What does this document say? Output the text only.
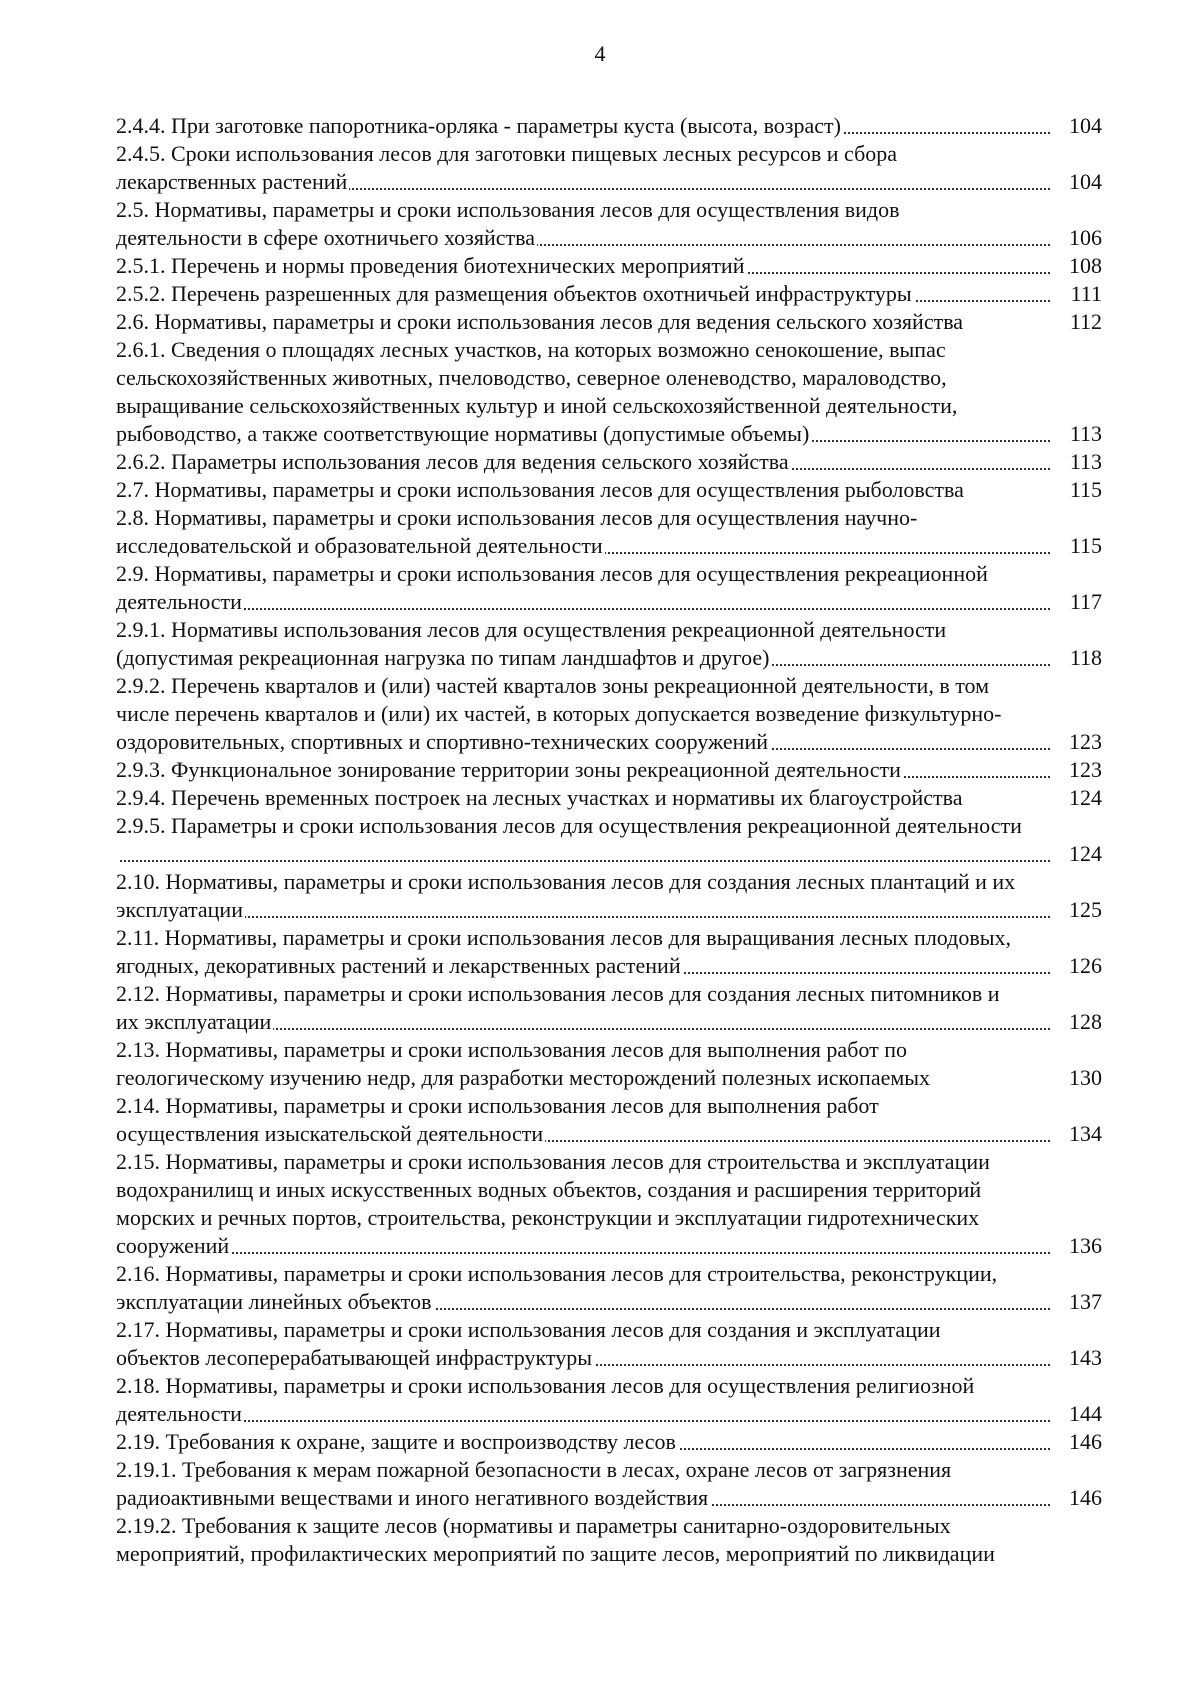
4
2.4.4. При заготовке папоротника-орляка - параметры куста (высота, возраст)	104
2.4.5. Сроки использования лесов для заготовки пищевых лесных ресурсов и сбора
лекарственных растений	104
2.5. Нормативы, параметры и сроки использования лесов для осуществления видов
деятельности в сфере охотничьего хозяйства	106
2.5.1. Перечень и нормы проведения биотехнических мероприятий	108
2.5.2. Перечень разрешенных для размещения объектов охотничьей инфраструктуры	111
2.6. Нормативы, параметры и сроки использования лесов для ведения сельского хозяйства	112
2.6.1. Сведения о площадях лесных участков, на которых возможно сенокошение, выпас
сельскохозяйственных животных, пчеловодство, северное оленеводство, мараловодство,
выращивание сельскохозяйственных культур и иной сельскохозяйственной деятельности,
рыбоводство, а также соответствующие нормативы (допустимые объемы)	113
2.6.2. Параметры использования лесов для ведения сельского хозяйства	113
2.7. Нормативы, параметры и сроки использования лесов для осуществления рыболовства	115
2.8. Нормативы, параметры и сроки использования лесов для осуществления научно-
исследовательской и образовательной деятельности	115
2.9. Нормативы, параметры и сроки использования лесов для осуществления рекреационной
деятельности	117
2.9.1. Нормативы использования лесов для осуществления рекреационной деятельности
(допустимая рекреационная нагрузка по типам ландшафтов и другое)	118
2.9.2. Перечень кварталов и (или) частей кварталов зоны рекреационной деятельности, в том
числе перечень кварталов и (или) их частей, в которых допускается возведение физкультурно-
оздоровительных, спортивных и спортивно-технических сооружений	123
2.9.3. Функциональное зонирование территории зоны рекреационной деятельности	123
2.9.4. Перечень временных построек на лесных участках и нормативы их благоустройства	124
2.9.5. Параметры и сроки использования лесов для осуществления рекреационной деятельности
124
2.10. Нормативы, параметры и сроки использования лесов для создания лесных плантаций и их
эксплуатации	125
2.11. Нормативы, параметры и сроки использования лесов для выращивания лесных плодовых,
ягодных, декоративных растений и лекарственных растений	126
2.12. Нормативы, параметры и сроки использования лесов для создания лесных питомников и
их эксплуатации	128
2.13. Нормативы, параметры и сроки использования лесов для выполнения работ по
геологическому изучению недр, для разработки месторождений полезных ископаемых	130
2.14. Нормативы, параметры и сроки использования лесов для выполнения работ
осуществления изыскательской деятельности	134
2.15. Нормативы, параметры и сроки использования лесов для строительства и эксплуатации
водохранилищ и иных искусственных водных объектов, создания и расширения территорий
морских и речных портов, строительства, реконструкции и эксплуатации гидротехнических
сооружений	136
2.16. Нормативы, параметры и сроки использования лесов для строительства, реконструкции,
эксплуатации линейных объектов	137
2.17. Нормативы, параметры и сроки использования лесов для создания и эксплуатации
объектов лесоперерабатывающей инфраструктуры	143
2.18. Нормативы, параметры и сроки использования лесов для осуществления религиозной
деятельности	144
2.19. Требования к охране, защите и воспроизводству лесов	146
2.19.1. Требования к мерам пожарной безопасности в лесах, охране лесов от загрязнения
радиоактивными веществами и иного негативного воздействия	146
2.19.2. Требования к защите лесов (нормативы и параметры санитарно-оздоровительных
мероприятий, профилактических мероприятий по защите лесов, мероприятий по ликвидации
